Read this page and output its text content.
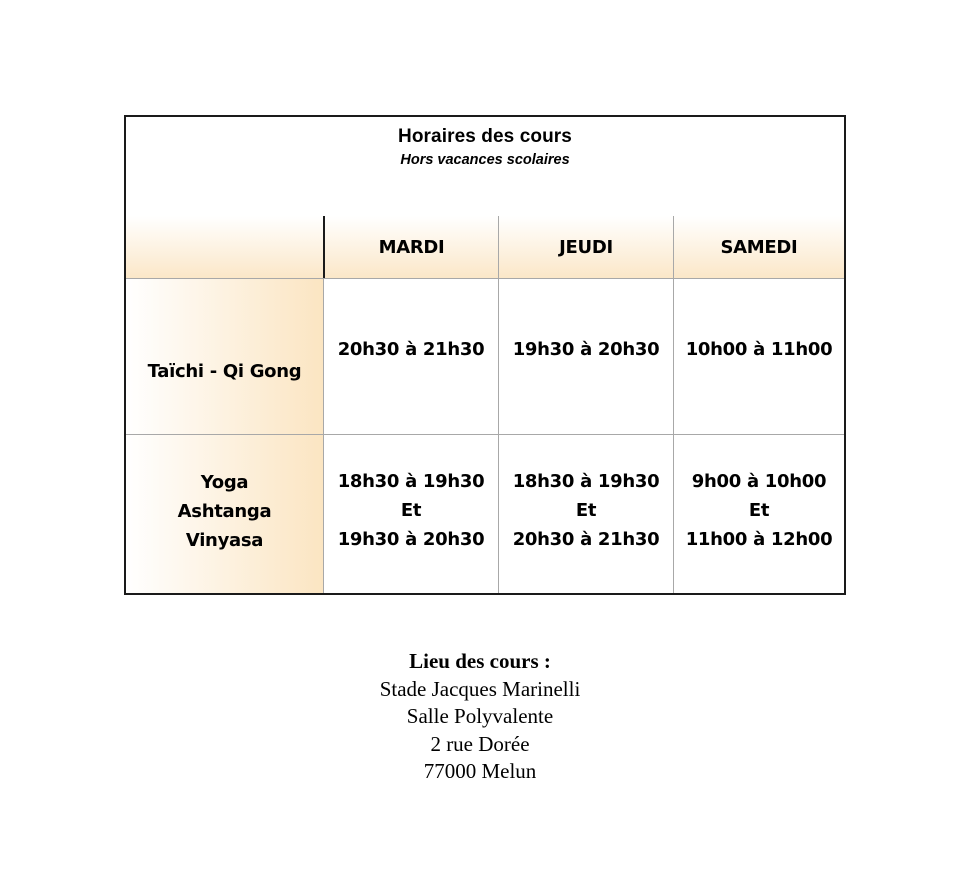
Horaires des cours
Hors vacances scolaires
MARDI	JEUDI	SAMEDI
Taïchi - Qi Gong
20h30 à 21h30 19h30 à 20h30 10h00 à 11h00
Yoga
Ashtanga
Vinyasa
18h30 à 19h30
Et
19h30 à 20h30
18h30 à 19h30
Et
20h30 à 21h30
9h00 à 10h00
Et
11h00 à 12h00
Lieu des cours :
Stade Jacques Marinelli
Salle Polyvalente
2 rue Dorée
77000 Melun
